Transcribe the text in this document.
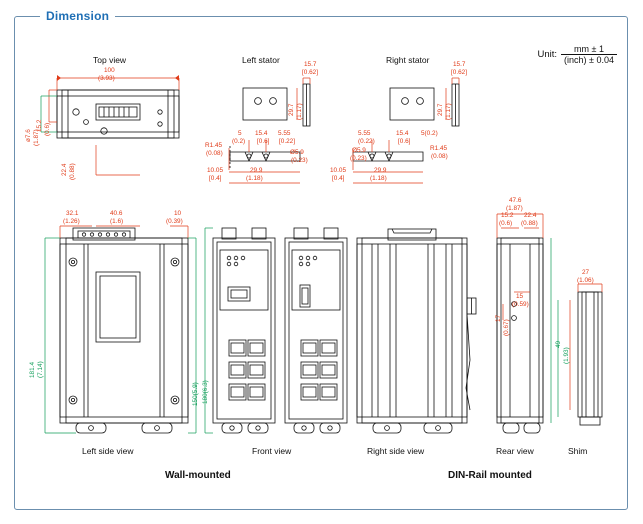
Dimension
Unit: $\frac{mm \pm 1}{\text{(inch) ± 0.04}}$
Top view	Left stator	Right stator
Left side view	Front view	Right side view	Rear view	Shim
Wall-mounted	DIN-Rail mounted
100
(3.93)
15.2 (0.6)
22.4 (0.88)
ø7.6 (1.87)
15.7
[0.62]
29.7 (1.17)
R1.45
(0.08)
5
(0.2)
15.4
[0.6]
5.55
[0.22]
Ø5.9
(0.23)
10.05
[0.4]
29.9
(1.18)
15.7
[0.62]
29.7 (1.17)
5.55
(0.22)
15.4
[0.6]
5(0.2)
Ø5.9
(0.23)
R1.45
(0.08)
10.05
[0.4]
29.9
(1.18)
32.1
(1.26)
40.6
(1.6)
10
(0.39)
181.4 (7.14)
150(5.9) 180(6.3)
47.6
(1.87)
15.2
(0.6)
22.4
(0.88)
15
(0.59)
17
(0.67)
27
(1.06)
49
(1.93)
